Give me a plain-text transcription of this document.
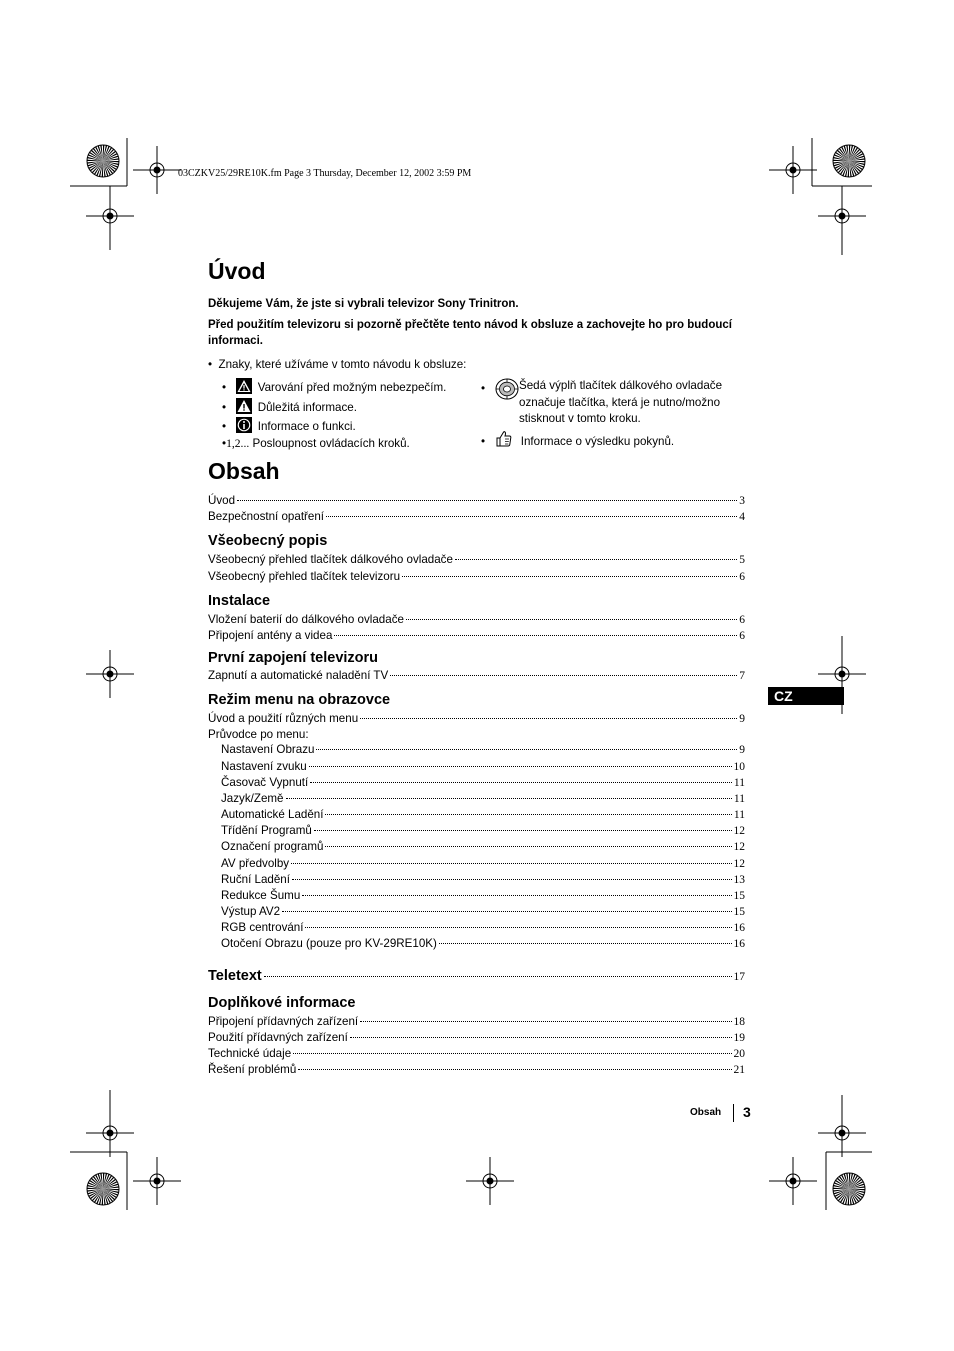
03CZKV25/29RE10K.fm Page 3 Thursday, December 12, 2002 3:59 PM
Úvod
Děkujeme Vám, že jste si vybrali televizor Sony Trinitron.
Před použitím televizoru si pozorně přečtěte tento návod k obsluze a zachovejte ho pro budoucí informaci.
•  Znaky, které užíváme v tomto návodu k obsluze:
•   Varování před možným nebezpečím.
•   Důležitá informace.
•   Informace o funkci.
•1,2... Posloupnost ovládacích kroků.
•	Šedá výplň tlačítek dálkového ovladače
označuje tlačítka, která je nutno/možno
stisknout v tomto kroku.
•   Informace o výsledku pokynů.
Obsah
Úvod	3
Bezpečnostní opatření	4
Všeobecný popis
Všeobecný přehled tlačítek dálkového ovladače	5
Všeobecný přehled tlačítek televizoru	6
Instalace
Vložení baterií do dálkového ovladače	6
Připojení antény a videa	6
První zapojení televizoru
Zapnutí a automatické naladění TV	7
Režim menu na obrazovce
Úvod a použití různých menu	9
Průvodce po menu:
Nastavení Obrazu	9
Nastavení zvuku	10
Časovač Vypnutí	11
Jazyk/Země	11
Automatické Ladění	11
Třídění Programů	12
Označení programů	12
AV předvolby	12
Ruční Ladění	13
Redukce Šumu	15
Výstup AV2	15
RGB centrování	16
Otočení Obrazu (pouze pro KV-29RE10K)	16
Teletext	17
Doplňkové informace
Připojení přídavných zařízení	18
Použití přídavných zařízení	19
Technické údaje	20
Řešení problémů	21
CZ
Obsah 3
